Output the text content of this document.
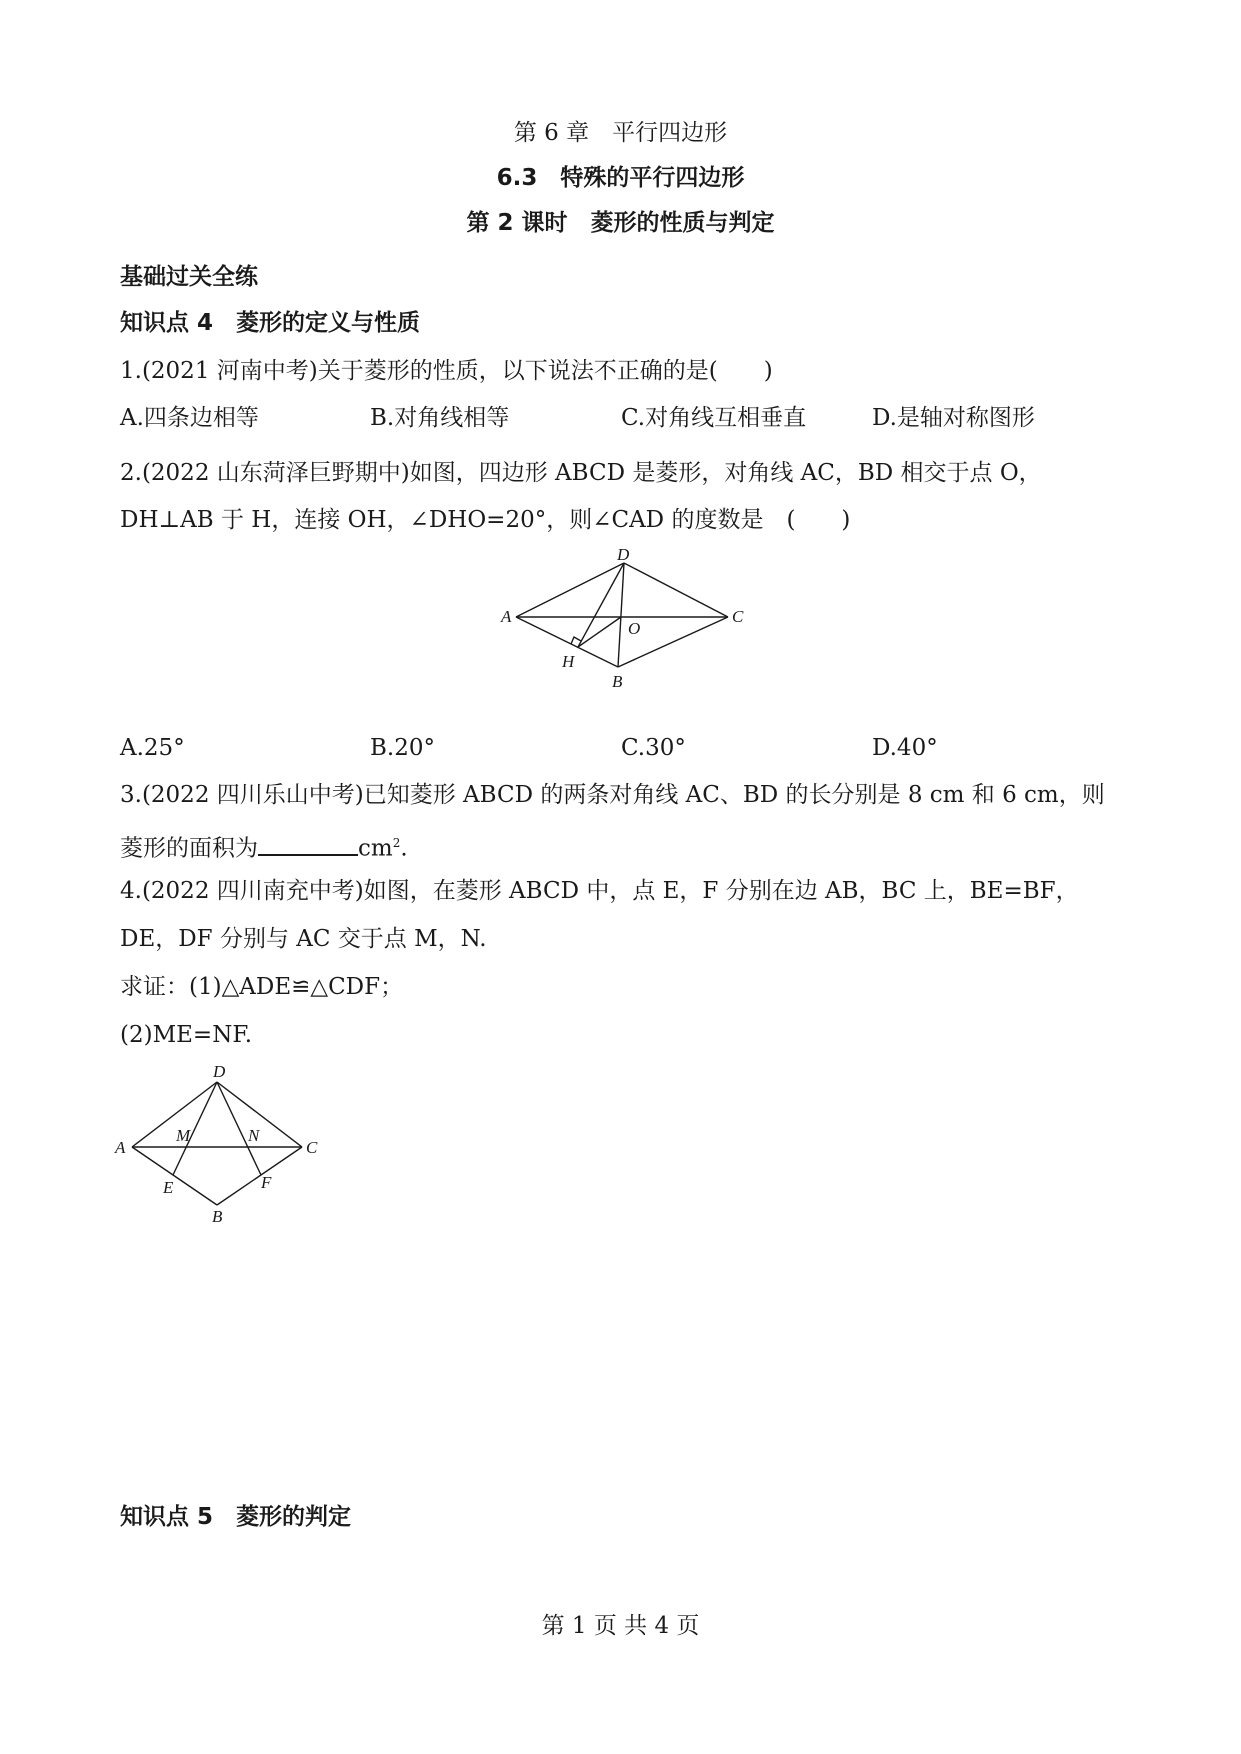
第 6 章　平行四边形
6.3　特殊的平行四边形
第 2 课时　菱形的性质与判定
基础过关全练
知识点 4　菱形的定义与性质
1.(2021 河南中考)关于菱形的性质，以下说法不正确的是(　　)
A.四条边相等	B.对角线相等	C.对角线互相垂直	D.是轴对称图形
2.(2022 山东菏泽巨野期中)如图，四边形 ABCD 是菱形，对角线 AC，BD 相交于点 O，
DH⊥AB 于 H，连接 OH，∠DHO=20°，则∠CAD 的度数是　(　　)
D
A	C
O
H
B
A.25°	B.20°	C.30°	D.40°
3.(2022 四川乐山中考)已知菱形 ABCD 的两条对角线 AC、BD 的长分别是 8 cm 和 6 cm，则
菱形的面积为	$cm^2$.
4.(2022 四川南充中考)如图，在菱形 ABCD 中，点 E，F 分别在边 AB，BC 上，BE=BF，
DE，DF 分别与 AC 交于点 M，N.
求证：(1)△ADE≌△CDF；
(2)ME=NF.
D
A	C
M	N
E	F
B
知识点 5　菱形的判定
第 1 页 共 4 页
